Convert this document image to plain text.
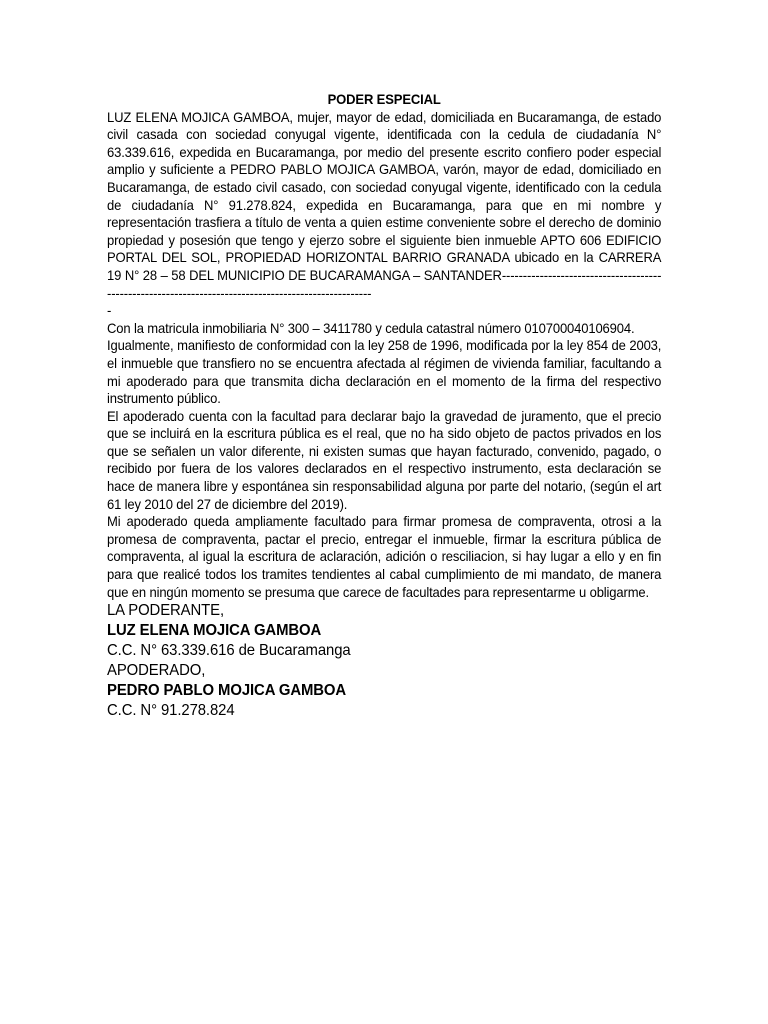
PODER ESPECIAL

LUZ ELENA MOJICA GAMBOA, mujer, mayor de edad, domiciliada en Bucaramanga, de estado civil casada con sociedad conyugal vigente, identificada con la cedula de ciudadanía N° 63.339.616, expedida en Bucaramanga, por medio del presente escrito confiero poder especial amplio y suficiente a PEDRO PABLO MOJICA GAMBOA, varón, mayor de edad, domiciliado en Bucaramanga, de estado civil casado, con sociedad conyugal vigente, identificado con la cedula de ciudadanía N° 91.278.824, expedida en Bucaramanga, para que en mi nombre y representación trasfiera a título de venta a quien estime conveniente sobre el derecho de dominio propiedad y posesión que tengo y ejerzo sobre el siguiente bien inmueble APTO 606 EDIFICIO PORTAL DEL SOL, PROPIEDAD HORIZONTAL BARRIO GRANADA ubicado en la CARRERA 19 N° 28 – 58 DEL MUNICIPIO DE BUCARAMANGA – SANTANDER-----------------------------------------------------------------------------------------------------

-

Con la matricula inmobiliaria N° 300 – 3411780 y cedula catastral número 010700040106904.

Igualmente, manifiesto de conformidad con la ley 258 de 1996, modificada por la ley 854 de 2003, el inmueble que transfiero no se encuentra afectada al régimen de vivienda familiar, facultando a mi apoderado para que transmita dicha declaración en el momento de la firma del respectivo instrumento público.

El apoderado cuenta con la facultad para declarar bajo la gravedad de juramento, que el precio que se incluirá en la escritura pública es el real, que no ha sido objeto de pactos privados en los que se señalen un valor diferente, ni existen sumas que hayan facturado, convenido, pagado, o recibido por fuera de los valores declarados en el respectivo instrumento, esta declaración se hace de manera libre y espontánea sin responsabilidad alguna por parte del notario, (según el art 61 ley 2010 del 27 de diciembre del 2019).

Mi apoderado queda ampliamente facultado para firmar promesa de compraventa, otrosi a la promesa de compraventa, pactar el precio, entregar el inmueble, firmar la escritura pública de compraventa, al igual la escritura de aclaración, adición o resciliacion, si hay lugar a ello y en fin para que realicé todos los tramites tendientes al cabal cumplimiento de mi mandato, de manera que en ningún momento se presuma que carece de facultades para representarme u obligarme.

LA PODERANTE,

LUZ ELENA MOJICA GAMBOA

C.C. N° 63.339.616 de Bucaramanga

APODERADO,

PEDRO PABLO MOJICA GAMBOA

C.C. N° 91.278.824
